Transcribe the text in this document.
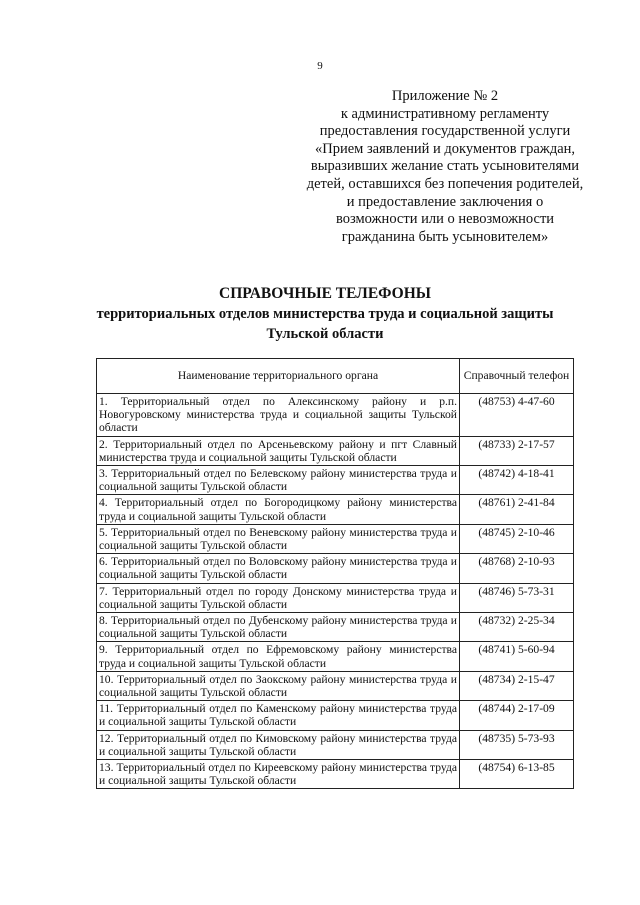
9
Приложение № 2
к административному регламенту
предоставления государственной услуги
«Прием заявлений и документов граждан,
выразивших желание стать усыновителями
детей, оставшихся без попечения родителей,
и предоставление заключения о
возможности или о невозможности
гражданина быть усыновителем»
СПРАВОЧНЫЕ ТЕЛЕФОНЫ
территориальных отделов министерства труда и социальной защиты
Тульской области
Наименование территориального органа	Справочный телефон
1. Территориальный отдел по Алексинскому району и р.п. Новогуровскому министерства труда и социальной защиты Тульской области	(48753) 4-47-60
2. Территориальный отдел по Арсеньевскому району и пгт Славный министерства труда и социальной защиты Тульской области	(48733) 2-17-57
3. Территориальный отдел по Белевскому району министерства труда и социальной защиты Тульской области	(48742) 4-18-41
4. Территориальный отдел по Богородицкому району министерства труда и социальной защиты Тульской области	(48761) 2-41-84
5. Территориальный отдел по Веневскому району министерства труда и социальной защиты Тульской области	(48745) 2-10-46
6. Территориальный отдел по Воловскому району министерства труда и социальной защиты Тульской области	(48768) 2-10-93
7. Территориальный отдел по городу Донскому министерства труда и социальной защиты Тульской области	(48746) 5-73-31
8. Территориальный отдел по Дубенскому району министерства труда и социальной защиты Тульской области	(48732) 2-25-34
9. Территориальный отдел по Ефремовскому району министерства труда и социальной защиты Тульской области	(48741) 5-60-94
10. Территориальный отдел по Заокскому району министерства труда и социальной защиты Тульской области	(48734) 2-15-47
11. Территориальный отдел по Каменскому району министерства труда и социальной защиты Тульской области	(48744) 2-17-09
12. Территориальный отдел по Кимовскому району министерства труда и социальной защиты Тульской области	(48735) 5-73-93
13. Территориальный отдел по Киреевскому району министерства труда и социальной защиты Тульской области	(48754) 6-13-85
